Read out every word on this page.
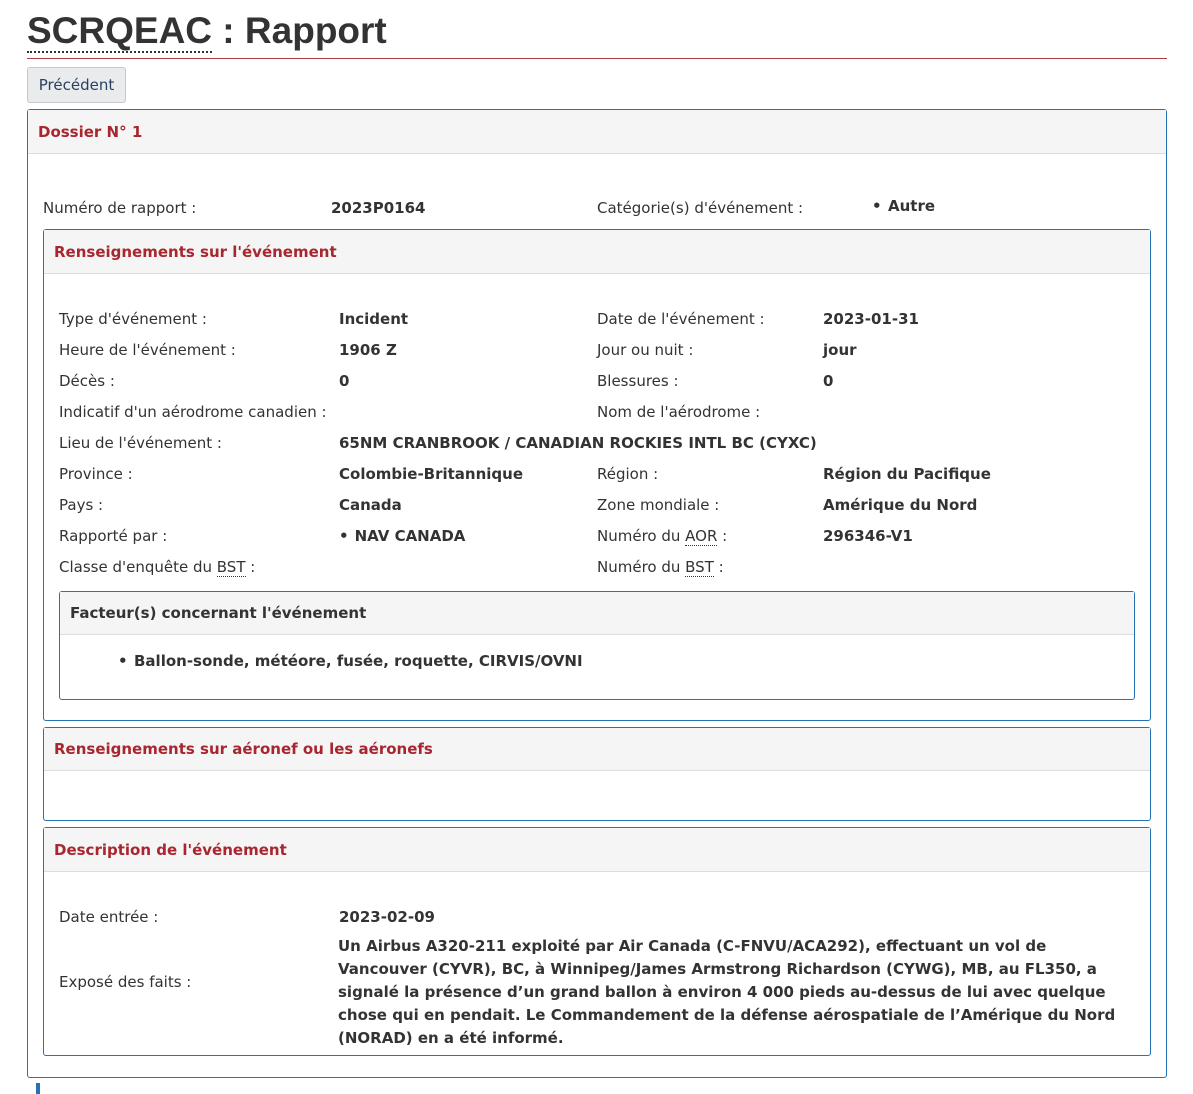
SCRQEAC : Rapport
Précédent
Dossier N° 1
Numéro de rapport :	2023P0164	Catégorie(s) d'événement :	• Autre
Renseignements sur l'événement
Type d'événement :	Incident	Date de l'événement :	2023-01-31
Heure de l'événement :	1906 Z	Jour ou nuit :	jour
Décès :	0	Blessures :	0
Indicatif d'un aérodrome canadien :	Nom de l'aérodrome :
Lieu de l'événement :	65NM CRANBROOK / CANADIAN ROCKIES INTL BC (CYXC)
Province :	Colombie-Britannique	Région :	Région du Pacifique
Pays :	Canada	Zone mondiale :	Amérique du Nord
Rapporté par :	• NAV CANADA	Numéro du AOR :	296346-V1
Classe d'enquête du BST :	Numéro du BST :
Facteur(s) concernant l'événement
• Ballon-sonde, météore, fusée, roquette, CIRVIS/OVNI
Renseignements sur aéronef ou les aéronefs
Description de l'événement
Date entrée :	2023-02-09
Exposé des faits :
Un Airbus A320-211 exploité par Air Canada (C-FNVU/ACA292), effectuant un vol de Vancouver (CYVR), BC, à Winnipeg/James Armstrong Richardson (CYWG), MB, au FL350, a signalé la présence d’un grand ballon à environ 4 000 pieds au-dessus de lui avec quelque chose qui en pendait. Le Commandement de la défense aérospatiale de l’Amérique du Nord (NORAD) en a été informé.
